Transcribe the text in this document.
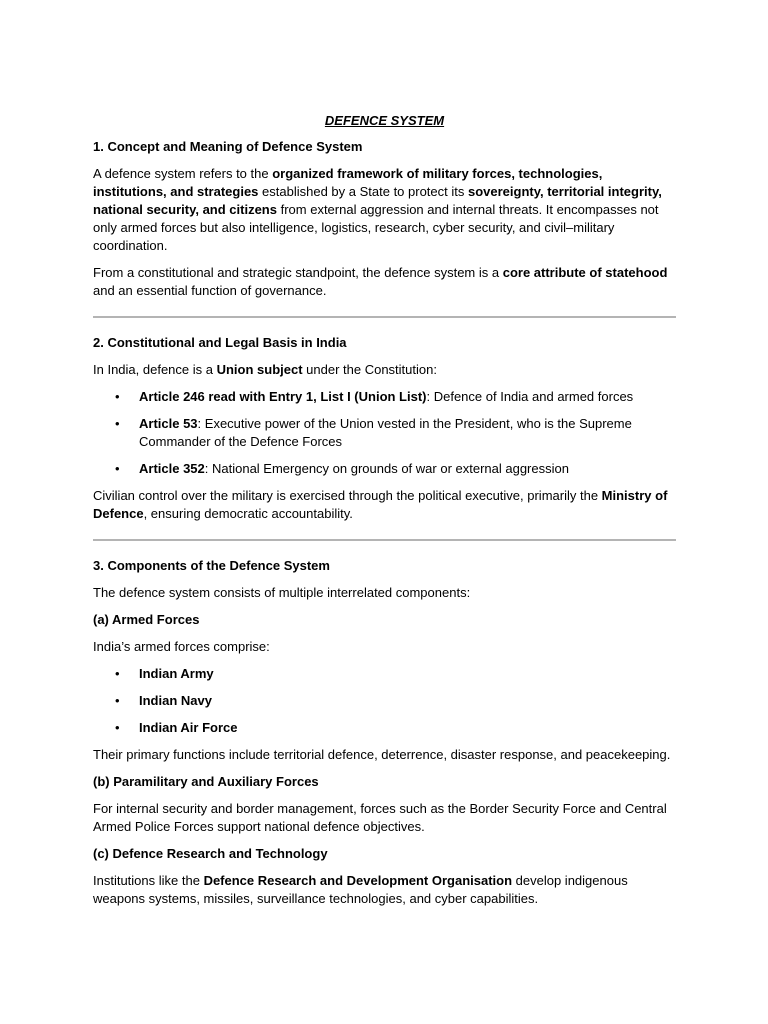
DEFENCE SYSTEM
1. Concept and Meaning of Defence System

A defence system refers to the organized framework of military forces, technologies, institutions, and strategies established by a State to protect its sovereignty, territorial integrity, national security, and citizens from external aggression and internal threats. It encompasses not only armed forces but also intelligence, logistics, research, cyber security, and civil–military coordination.

From a constitutional and strategic standpoint, the defence system is a core attribute of statehood and an essential function of governance.

2. Constitutional and Legal Basis in India

In India, defence is a Union subject under the Constitution:

• Article 246 read with Entry 1, List I (Union List): Defence of India and armed forces
• Article 53: Executive power of the Union vested in the President, who is the Supreme Commander of the Defence Forces
• Article 352: National Emergency on grounds of war or external aggression

Civilian control over the military is exercised through the political executive, primarily the Ministry of Defence, ensuring democratic accountability.

3. Components of the Defence System

The defence system consists of multiple interrelated components:

(a) Armed Forces

India’s armed forces comprise:

• Indian Army
• Indian Navy
• Indian Air Force

Their primary functions include territorial defence, deterrence, disaster response, and peacekeeping.

(b) Paramilitary and Auxiliary Forces

For internal security and border management, forces such as the Border Security Force and Central Armed Police Forces support national defence objectives.

(c) Defence Research and Technology

Institutions like the Defence Research and Development Organisation develop indigenous weapons systems, missiles, surveillance technologies, and cyber capabilities.
